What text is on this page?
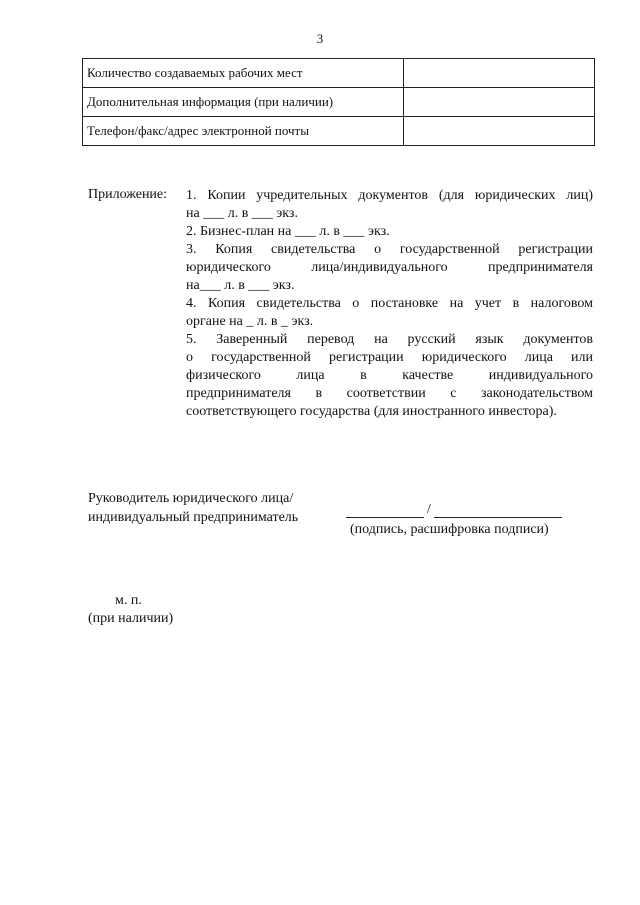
3
Количество создаваемых рабочих мест	
Дополнительная информация (при наличии)	
Телефон/факс/адрес электронной почты	
Приложение: 1. Копии учредительных документов (для юридических лиц)
на ___ л. в ___ экз.

2. Бизнес-план на ___ л. в ___ экз.

3. Копия свидетельства о государственной регистрации
юридического лица/индивидуального предпринимателя
на___ л. в ___ экз.

4. Копия свидетельства о постановке на учет в налоговом
органе на _ л. в _ экз.

5. Заверенный перевод на русский язык документов
о государственной регистрации юридического лица или
физического лица в качестве индивидуального
предпринимателя в соответствии с законодательством
соответствующего государства (для иностранного инвестора).

Руководитель юридического лица/
индивидуальный предприниматель
/
(подпись, расшифровка подписи)
м. п.
(при наличии)
